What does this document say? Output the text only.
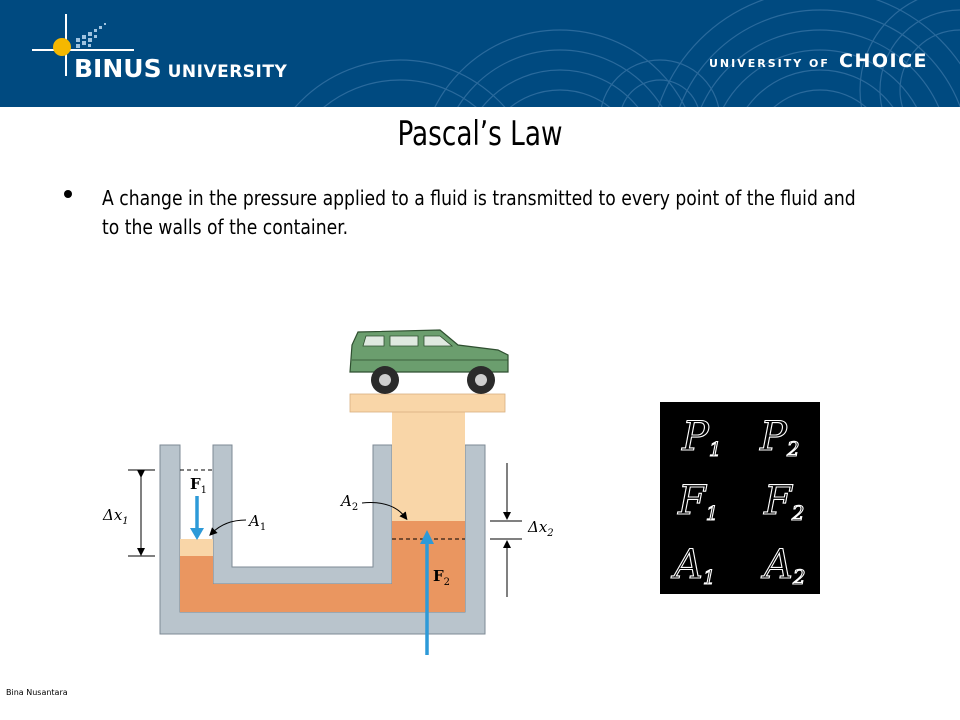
BINUS UNIVERSITY	UNIVERSITY OF CHOICE
Pascal’s Law
A change in the pressure applied to a fluid is transmitted to every point of the fluid and to the walls of the container.
$\Delta x_1$	$\Delta x_2$
$F_1$
$F_2$
$A_1$
$A_2$
P1 P2
F1 F2
A1 A2
Bina Nusantara
